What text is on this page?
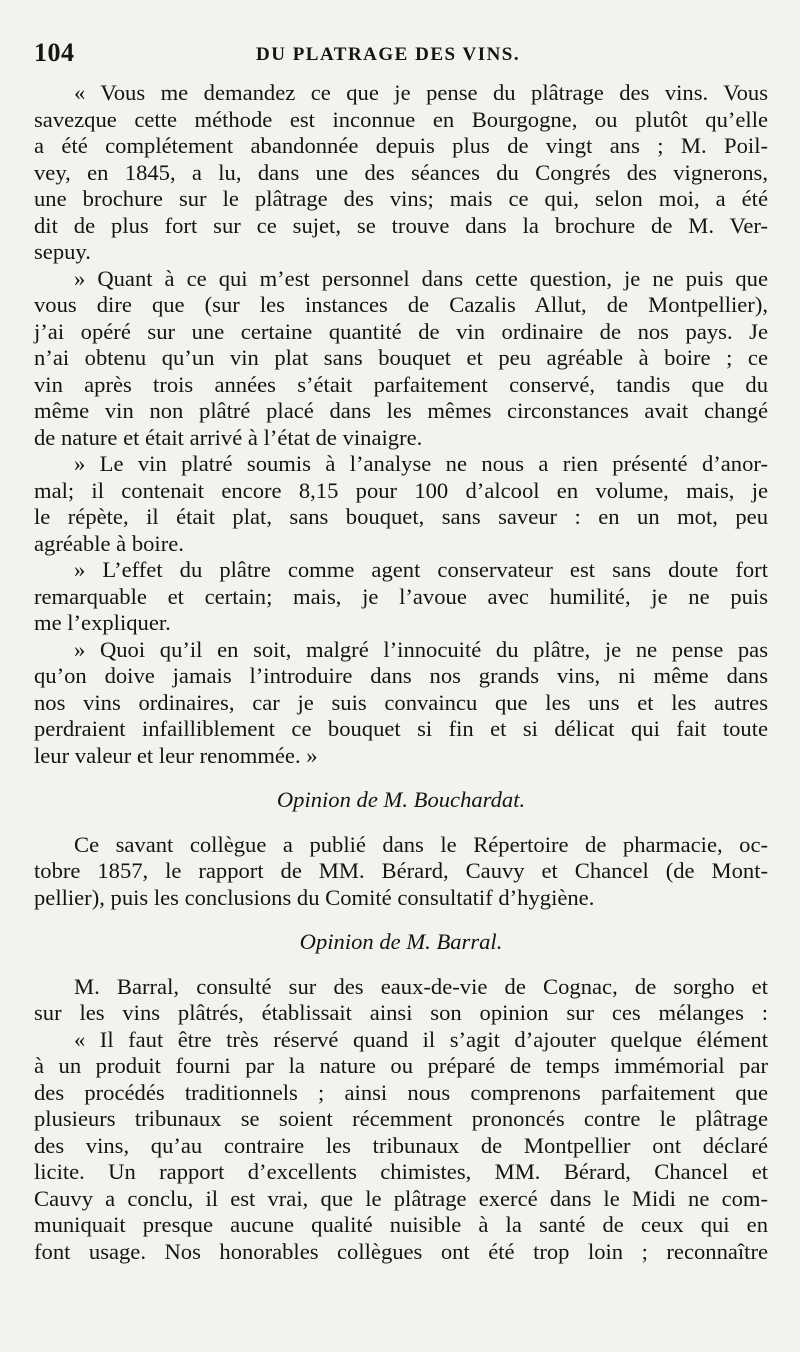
104	DU PLATRAGE DES VINS.
« Vous me demandez ce que je pense du plâtrage des vins. Vous
savezque cette méthode est inconnue en Bourgogne, ou plutôt qu’elle
a été complétement abandonnée depuis plus de vingt ans ; M. Poil-
vey, en 1845, a lu, dans une des séances du Congrés des vignerons,
une brochure sur le plâtrage des vins; mais ce qui, selon moi, a été
dit de plus fort sur ce sujet, se trouve dans la brochure de M. Ver-
sepuy.
» Quant à ce qui m’est personnel dans cette question, je ne puis que
vous dire que (sur les instances de Cazalis Allut, de Montpellier),
j’ai opéré sur une certaine quantité de vin ordinaire de nos pays. Je
n’ai obtenu qu’un vin plat sans bouquet et peu agréable à boire ; ce
vin après trois années s’était parfaitement conservé, tandis que du
même vin non plâtré placé dans les mêmes circonstances avait changé
de nature et était arrivé à l’état de vinaigre.
» Le vin platré soumis à l’analyse ne nous a rien présenté d’anor-
mal; il contenait encore 8,15 pour 100 d’alcool en volume, mais, je
le répète, il était plat, sans bouquet, sans saveur : en un mot, peu
agréable à boire.
» L’effet du plâtre comme agent conservateur est sans doute fort
remarquable et certain; mais, je l’avoue avec humilité, je ne puis
me l’expliquer.
» Quoi qu’il en soit, malgré l’innocuité du plâtre, je ne pense pas
qu’on doive jamais l’introduire dans nos grands vins, ni même dans
nos vins ordinaires, car je suis convaincu que les uns et les autres
perdraient infailliblement ce bouquet si fin et si délicat qui fait toute
leur valeur et leur renommée. »
Opinion de M. Bouchardat.
Ce savant collègue a publié dans le Répertoire de pharmacie, oc-
tobre 1857, le rapport de MM. Bérard, Cauvy et Chancel (de Mont-
pellier), puis les conclusions du Comité consultatif d’hygiène.
Opinion de M. Barral.
M. Barral, consulté sur des eaux-de-vie de Cognac, de sorgho et
sur les vins plâtrés, établissait ainsi son opinion sur ces mélanges :
« Il faut être très réservé quand il s’agit d’ajouter quelque élément
à un produit fourni par la nature ou préparé de temps immémorial par
des procédés traditionnels ; ainsi nous comprenons parfaitement que
plusieurs tribunaux se soient récemment prononcés contre le plâtrage
des vins, qu’au contraire les tribunaux de Montpellier ont déclaré
licite. Un rapport d’excellents chimistes, MM. Bérard, Chancel et
Cauvy a conclu, il est vrai, que le plâtrage exercé dans le Midi ne com-
muniquait presque aucune qualité nuisible à la santé de ceux qui en
font usage. Nos honorables collègues ont été trop loin ; reconnaître
